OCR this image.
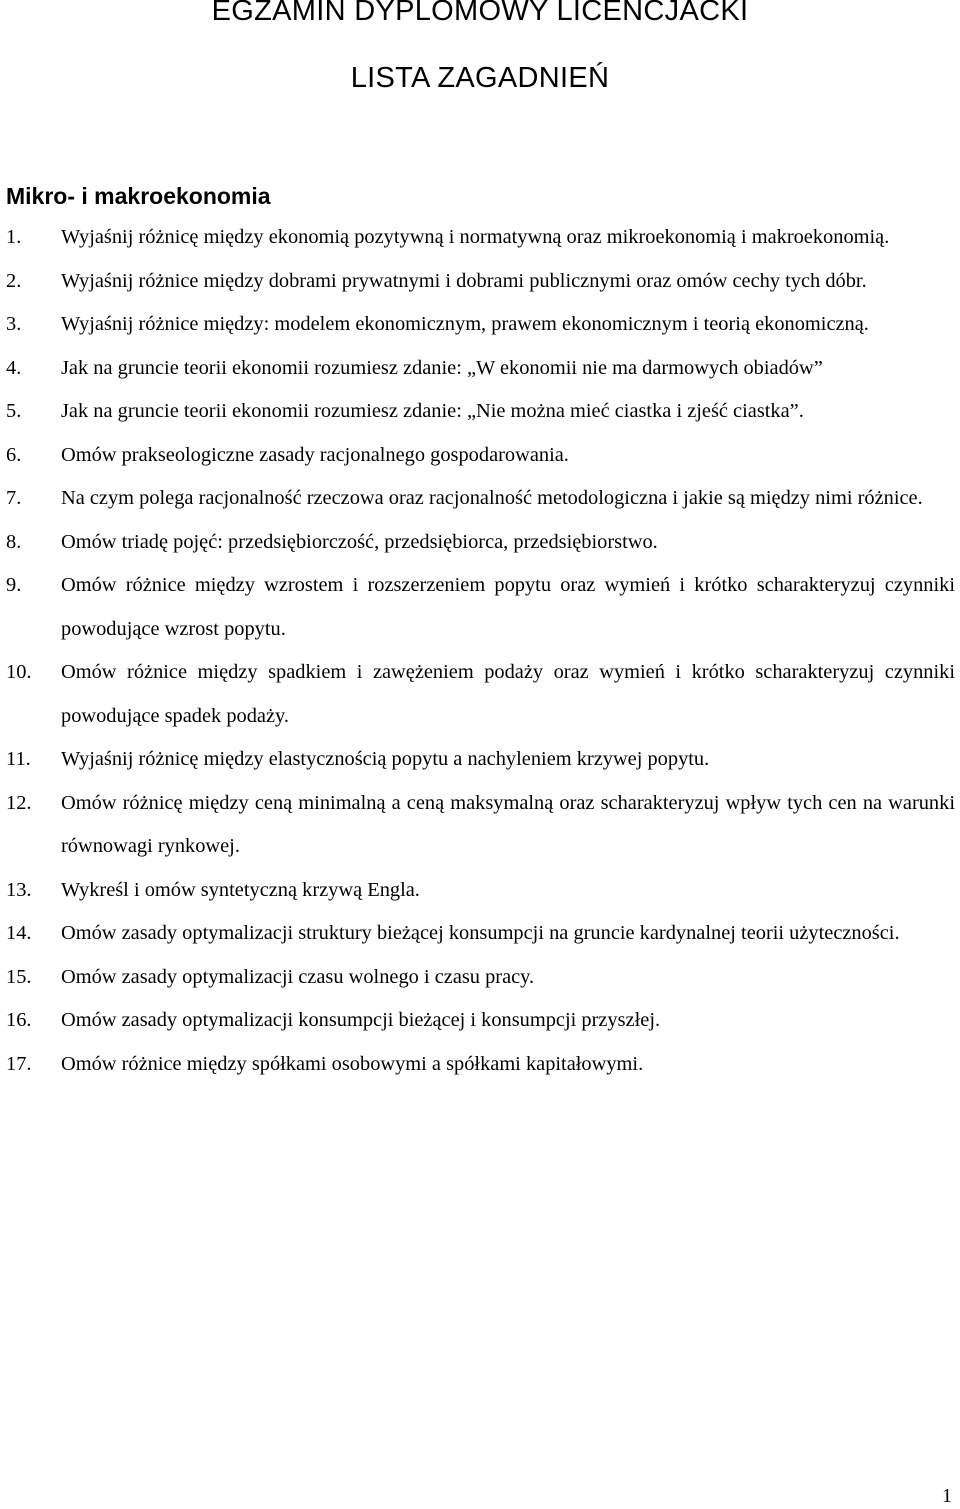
EGZAMIN DYPLOMOWY LICENCJACKI
LISTA ZAGADNIEŃ
Mikro- i makroekonomia
1. Wyjaśnij różnicę między ekonomią pozytywną i normatywną oraz mikroekonomią i makroekonomią.
2. Wyjaśnij różnice między dobrami prywatnymi i dobrami publicznymi oraz omów cechy tych dóbr.
3. Wyjaśnij różnice między: modelem ekonomicznym, prawem ekonomicznym i teorią ekonomiczną.
4. Jak na gruncie teorii ekonomii rozumiesz zdanie: „W ekonomii nie ma darmowych obiadów”
5. Jak na gruncie teorii ekonomii rozumiesz zdanie: „Nie można mieć ciastka i zjeść ciastka”.
6. Omów prakseologiczne zasady racjonalnego gospodarowania.
7. Na czym polega racjonalność rzeczowa oraz racjonalność metodologiczna i jakie są między nimi różnice.
8. Omów triadę pojęć: przedsiębiorczość, przedsiębiorca, przedsiębiorstwo.
9. Omów różnice między wzrostem i rozszerzeniem popytu oraz wymień i krótko scharakteryzuj czynniki powodujące wzrost popytu.
10. Omów różnice między spadkiem i zawężeniem podaży oraz wymień i krótko scharakteryzuj czynniki powodujące spadek podaży.
11. Wyjaśnij różnicę między elastycznością popytu a nachyleniem krzywej popytu.
12. Omów różnicę między ceną minimalną a ceną maksymalną oraz scharakteryzuj wpływ tych cen na warunki równowagi rynkowej.
13. Wykreśl i omów syntetyczną krzywą Engla.
14. Omów zasady optymalizacji struktury bieżącej konsumpcji na gruncie kardynalnej teorii użyteczności.
15. Omów zasady optymalizacji czasu wolnego i czasu pracy.
16. Omów zasady optymalizacji konsumpcji bieżącej i konsumpcji przyszłej.
17. Omów różnice między spółkami osobowymi a spółkami kapitałowymi.
1
